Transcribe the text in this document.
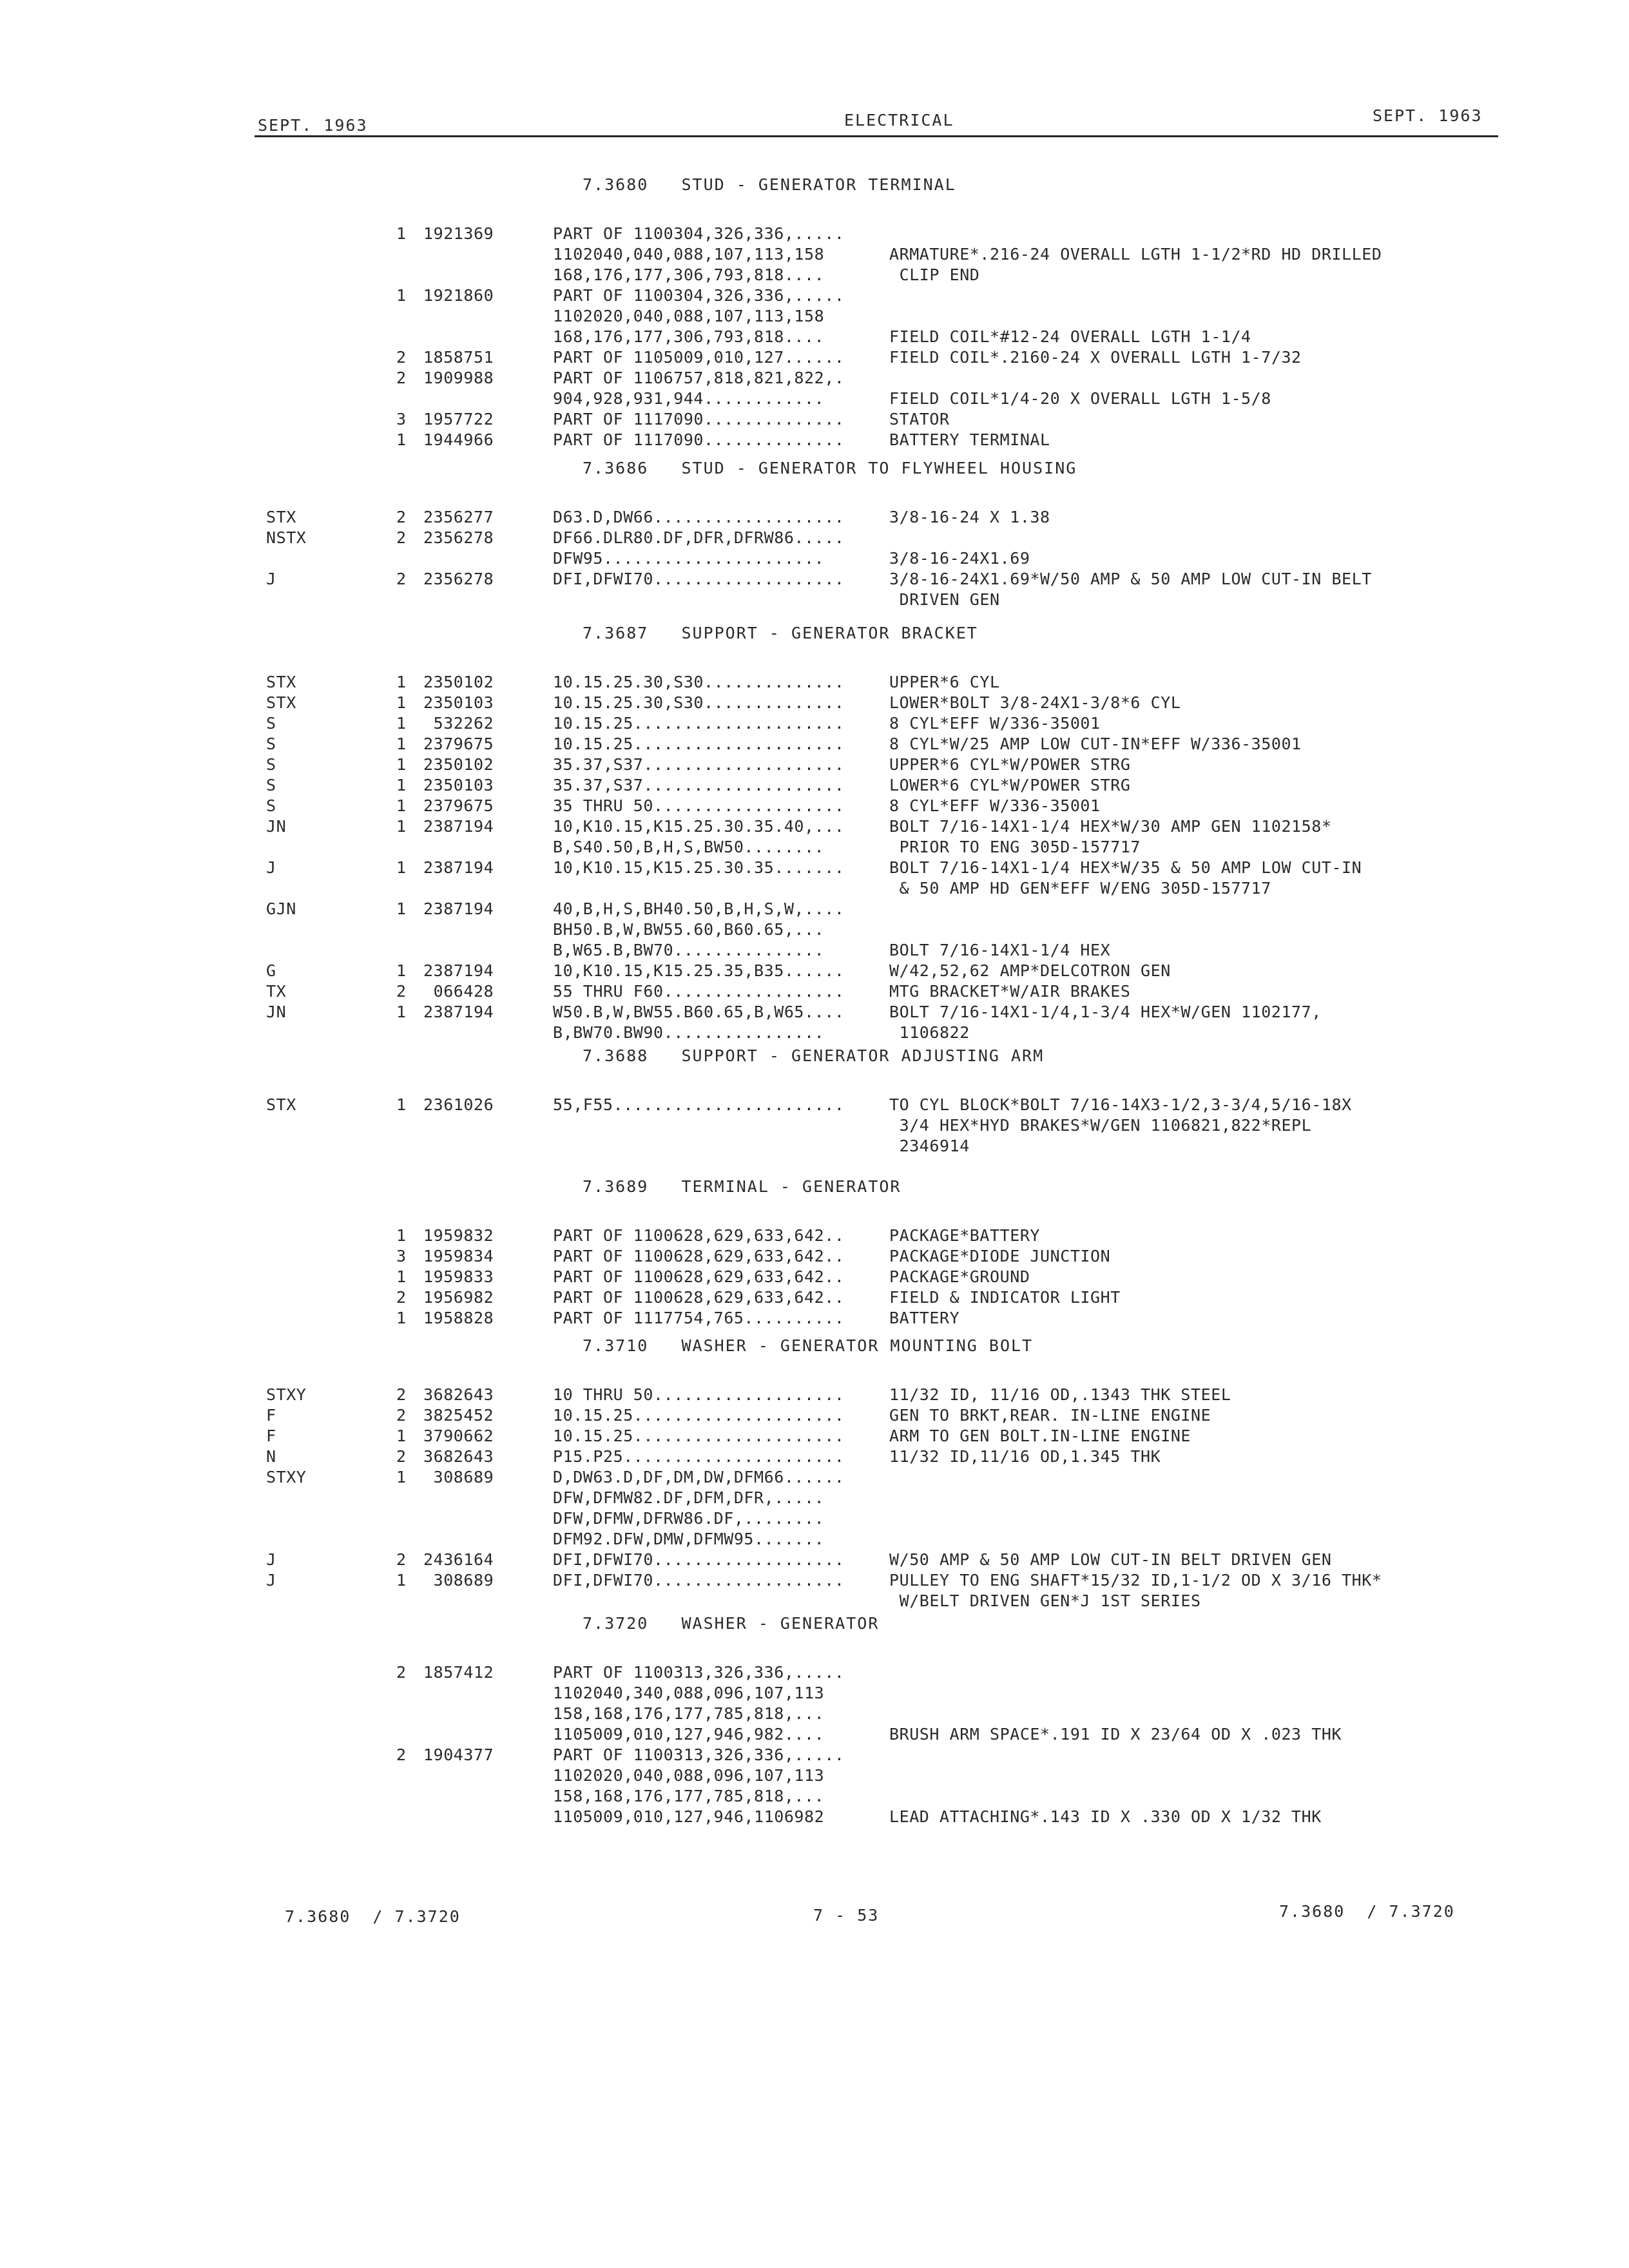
SEPT. 1963	ELECTRICAL	SEPT. 1963
7.3680   STUD - GENERATOR TERMINAL
1 1921369	PART OF 1100304,326,336,.....
1102040,040,088,107,113,158	ARMATURE*.216-24 OVERALL LGTH 1-1/2*RD HD DRILLED
168,176,177,306,793,818....	CLIP END
1 1921860	PART OF 1100304,326,336,.....
1102020,040,088,107,113,158
168,176,177,306,793,818....	FIELD COIL*#12-24 OVERALL LGTH 1-1/4
2 1858751	PART OF 1105009,010,127......	FIELD COIL*.2160-24 X OVERALL LGTH 1-7/32
2 1909988	PART OF 1106757,818,821,822,.
904,928,931,944............	FIELD COIL*1/4-20 X OVERALL LGTH 1-5/8
3 1957722	PART OF 1117090..............	STATOR
1 1944966	PART OF 1117090..............	BATTERY TERMINAL
7.3686   STUD - GENERATOR TO FLYWHEEL HOUSING
STX	2 2356277	D63.D,DW66...................	3/8-16-24 X 1.38
NSTX	2 2356278	DF66.DLR80.DF,DFR,DFRW86.....
DFW95......................	3/8-16-24X1.69
J	2 2356278	DFI,DFWI70...................	3/8-16-24X1.69*W/50 AMP & 50 AMP LOW CUT-IN BELT
DRIVEN GEN
7.3687   SUPPORT - GENERATOR BRACKET
STX	1 2350102	10.15.25.30,S30..............	UPPER*6 CYL
STX	1 2350103	10.15.25.30,S30..............	LOWER*BOLT 3/8-24X1-3/8*6 CYL
S	1 532262	10.15.25.....................	8 CYL*EFF W/336-35001
S	1 2379675	10.15.25.....................	8 CYL*W/25 AMP LOW CUT-IN*EFF W/336-35001
S	1 2350102	35.37,S37....................	UPPER*6 CYL*W/POWER STRG
S	1 2350103	35.37,S37....................	LOWER*6 CYL*W/POWER STRG
S	1 2379675	35 THRU 50...................	8 CYL*EFF W/336-35001
JN	1 2387194	10,K10.15,K15.25.30.35.40,...	BOLT 7/16-14X1-1/4 HEX*W/30 AMP GEN 1102158*
B,S40.50,B,H,S,BW50........	PRIOR TO ENG 305D-157717
J	1 2387194	10,K10.15,K15.25.30.35.......	BOLT 7/16-14X1-1/4 HEX*W/35 & 50 AMP LOW CUT-IN
& 50 AMP HD GEN*EFF W/ENG 305D-157717
GJN	1 2387194	40,B,H,S,BH40.50,B,H,S,W,....
BH50.B,W,BW55.60,B60.65,...
B,W65.B,BW70...............	BOLT 7/16-14X1-1/4 HEX
G	1 2387194	10,K10.15,K15.25.35,B35......	W/42,52,62 AMP*DELCOTRON GEN
TX	2 066428	55 THRU F60..................	MTG BRACKET*W/AIR BRAKES
JN	1 2387194	W50.B,W,BW55.B60.65,B,W65....	BOLT 7/16-14X1-1/4,1-3/4 HEX*W/GEN 1102177,
B,BW70.BW90................	1106822
7.3688   SUPPORT - GENERATOR ADJUSTING ARM
STX	1 2361026	55,F55.......................	TO CYL BLOCK*BOLT 7/16-14X3-1/2,3-3/4,5/16-18X
3/4 HEX*HYD BRAKES*W/GEN 1106821,822*REPL
2346914
7.3689   TERMINAL - GENERATOR
1 1959832	PART OF 1100628,629,633,642..	PACKAGE*BATTERY
3 1959834	PART OF 1100628,629,633,642..	PACKAGE*DIODE JUNCTION
1 1959833	PART OF 1100628,629,633,642..	PACKAGE*GROUND
2 1956982	PART OF 1100628,629,633,642..	FIELD & INDICATOR LIGHT
1 1958828	PART OF 1117754,765..........	BATTERY
7.3710   WASHER - GENERATOR MOUNTING BOLT
STXY	2 3682643	10 THRU 50...................	11/32 ID, 11/16 OD,.1343 THK STEEL
F	2 3825452	10.15.25.....................	GEN TO BRKT,REAR. IN-LINE ENGINE
F	1 3790662	10.15.25.....................	ARM TO GEN BOLT.IN-LINE ENGINE
N	2 3682643	P15.P25......................	11/32 ID,11/16 OD,1.345 THK
STXY	1 308689	D,DW63.D,DF,DM,DW,DFM66......
DFW,DFMW82.DF,DFM,DFR,.....
DFW,DFMW,DFRW86.DF,........
DFM92.DFW,DMW,DFMW95.......
J	2 2436164	DFI,DFWI70...................	W/50 AMP & 50 AMP LOW CUT-IN BELT DRIVEN GEN
J	1 308689	DFI,DFWI70...................	PULLEY TO ENG SHAFT*15/32 ID,1-1/2 OD X 3/16 THK*
W/BELT DRIVEN GEN*J 1ST SERIES
7.3720   WASHER - GENERATOR
2 1857412	PART OF 1100313,326,336,.....
1102040,340,088,096,107,113
158,168,176,177,785,818,...
1105009,010,127,946,982....	BRUSH ARM SPACE*.191 ID X 23/64 OD X .023 THK
2 1904377	PART OF 1100313,326,336,.....
1102020,040,088,096,107,113
158,168,176,177,785,818,...
1105009,010,127,946,1106982	LEAD ATTACHING*.143 ID X .330 OD X 1/32 THK
7.3680  / 7.3720	7 - 53	7.3680  / 7.3720
